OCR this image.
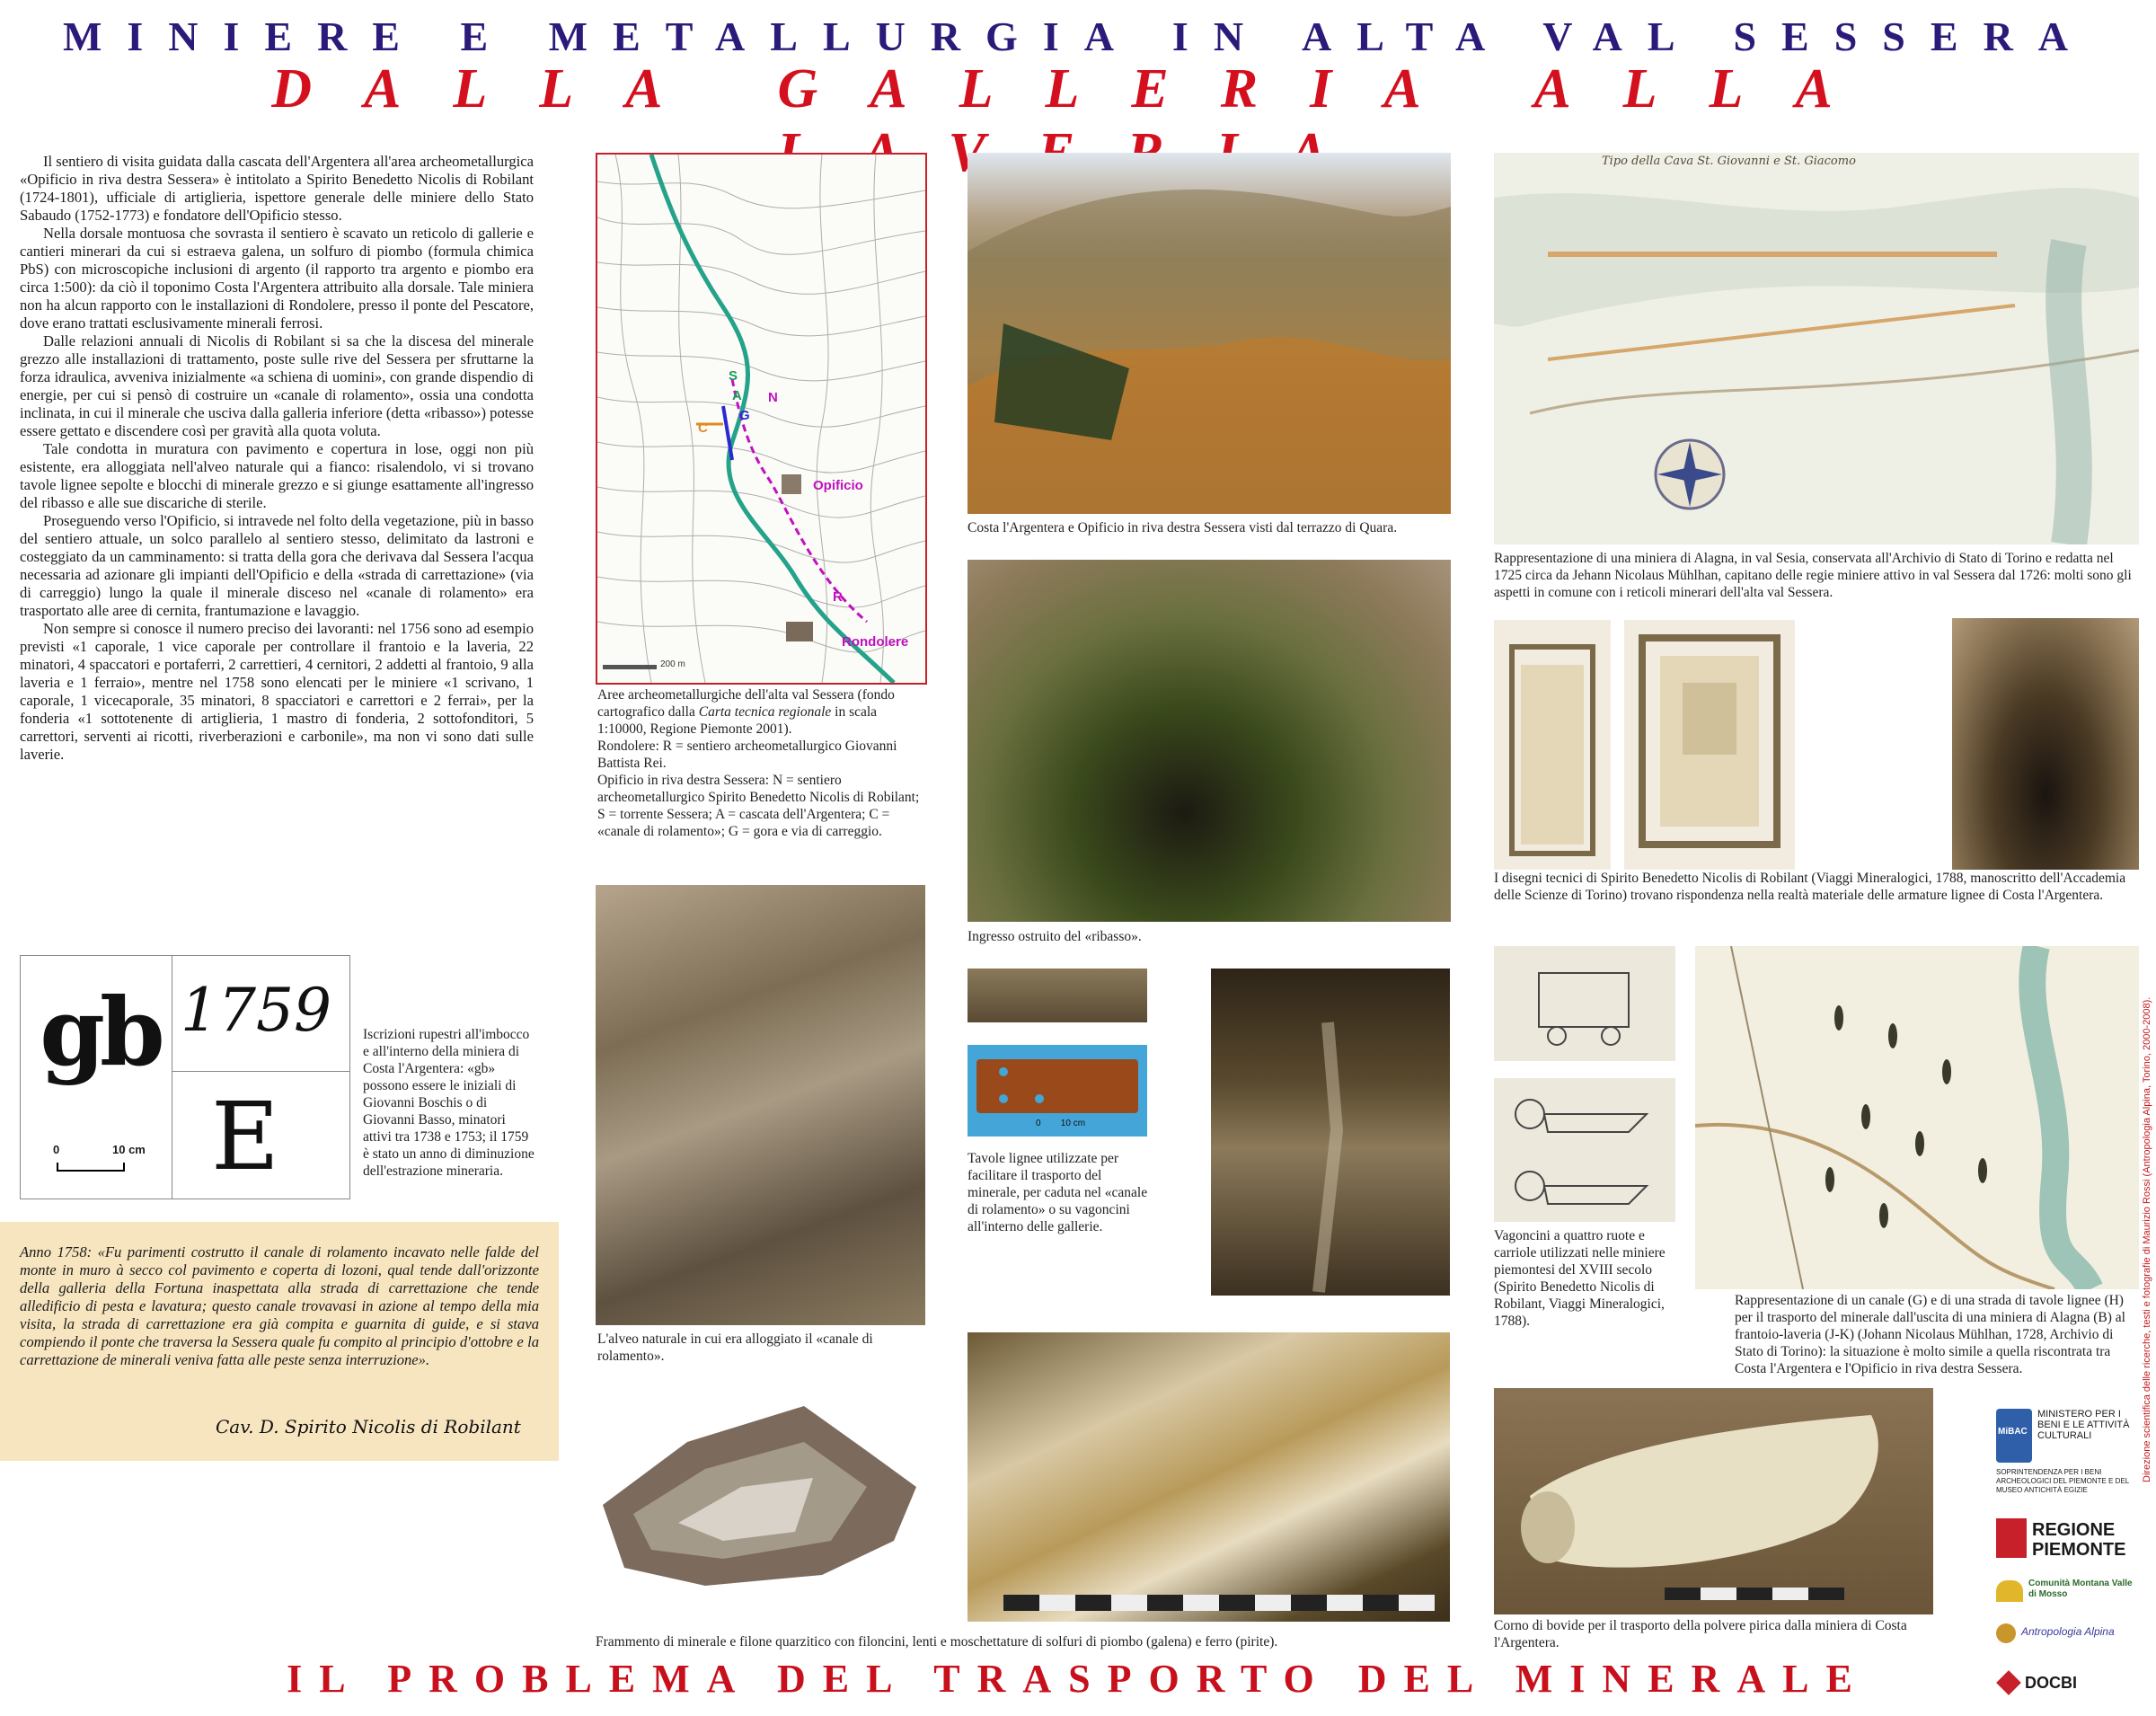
MINIERE E METALLURGIA IN ALTA VAL SESSERA
DALLA GALLERIA ALLA

Il sentiero di visita guidata dalla cascata dell'Argentera all'area archeometallurgica «Opificio in riva destra Sessera» è intitolato a Spirito Benedetto Nicolis di Robilant (1724-1801), ufficiale di artiglieria, ispettore generale delle miniere dello Stato Sabaudo (1752-1773) e fondatore dell'Opificio stesso.

Nella dorsale montuosa che sovrasta il sentiero è scavato un reticolo di gallerie e cantieri minerari da cui si estraeva galena, un solfuro di piombo (formula chimica PbS) con microscopiche inclusioni di argento (il rapporto tra argento e piombo era circa 1:500): da ciò il toponimo Costa l'Argentera attribuito alla dorsale. Tale miniera non ha alcun rapporto con le installazioni di Rondolere, presso il ponte del Pescatore, dove erano trattati esclusivamente minerali ferrosi.

Dalle relazioni annuali di Nicolis di Robilant si sa che la discesa del minerale grezzo alle installazioni di trattamento, poste sulle rive del Sessera per sfruttarne la forza idraulica, avveniva inizialmente «a schiena di uomini», con grande dispendio di energie, per cui si pensò di costruire un «canale di rolamento», ossia una condotta inclinata, in cui il minerale che usciva dalla galleria inferiore (detta «ribasso») potesse essere gettato e discendere così per gravità alla quota voluta.

Tale condotta in muratura con pavimento e copertura in lose, oggi non più esistente, era alloggiata nell'alveo naturale qui a fianco: risalendolo, vi si trovano tavole lignee sepolte e blocchi di minerale grezzo e si giunge esattamente all'ingresso del ribasso e alle sue discariche di sterile.

Proseguendo verso l'Opificio, si intravede nel folto della vegetazione, più in basso del sentiero attuale, un solco parallelo al sentiero stesso, delimitato da lastroni e costeggiato da un camminamento: si tratta della gora che derivava dal Sessera l'acqua necessaria ad azionare gli impianti dell'Opificio e della «strada di carrettazione» (via di carreggio) lungo la quale il minerale disceso nel «canale di rolamento» era trasportato alle aree di cernita, frantumazione e lavaggio.

Non sempre si conosce il numero preciso dei lavoranti: nel 1756 sono ad esempio previsti «1 caporale, 1 vice caporale per controllare il frantoio e la laveria, 22 minatori, 4 spaccatori e portaferri, 2 carrettieri, 4 cernitori, 2 addetti al frantoio, 9 alla laveria e 1 ferraio», mentre nel 1758 sono elencati per le miniere «1 scrivano, 1 caporale, 1 vicecaporale, 35 minatori, 8 spacciatori e carrettori e 2 ferrai», per la fonderia «1 sottotenente di artiglieria, 1 mastro di fonderia, 2 sottofonditori, 5 carrettori, serventi ai ricotti, riverberazioni e carbonile», ma non vi sono dati sulle laverie.

gb 1759
E
0	10 cm
Iscrizioni rupestri all'imbocco e all'interno della miniera di Costa l'Argentera: «gb» possono essere le iniziali di Giovanni Boschis o di Giovanni Basso, minatori attivi tra 1738 e 1753; il 1759 è stato un anno di diminuzione dell'estrazione mineraria.
Anno 1758: «Fu parimenti costrutto il canale di rolamento incavato nelle falde del monte in muro à secco col pavimento e coperta di lozoni, qual tende dall'orizzonte della galleria della Fortuna inaspettata alla strada di carrettazione che tende alledificio di pesta e lavatura; questo canale trovavasi in azione al tempo della mia visita, la strada di carrettazione era già compita e guarnita di guide, e si stava compiendo il ponte che traversa la Sessera quale fu compito al principio d'ottobre e la carrettazione de minerali veniva fatta alle peste senza interruzione».
Cav. D. Spirito Nicolis di Robilant
S
A N
G
C
Opificio
R
Rondolere
200 m
Aree archeometallurgiche dell'alta val Sessera (fondo cartografico dalla Carta tecnica regionale in scala 1:10000, Regione Piemonte 2001).
Rondolere: R = sentiero archeometallurgico Giovanni Battista Rei.
Opificio in riva destra Sessera: N = sentiero archeometallurgico Spirito Benedetto Nicolis di Robilant; S = torrente Sessera; A = cascata dell'Argentera; C = «canale di rolamento»; G = gora e via di carreggio.
L'alveo naturale in cui era alloggiato il «canale di rolamento».
Costa l'Argentera e Opificio in riva destra Sessera visti dal terrazzo di Quara.
Ingresso ostruito del «ribasso».
0        10 cm
Tavole lignee utilizzate per facilitare il trasporto del minerale, per caduta nel «canale di rolamento» o su vagoncini all'interno delle gallerie.
Frammento di minerale e filone quarzitico con filoncini, lenti e moschettature di solfuri di piombo (galena) e ferro (pirite).
Tipo della Cava St. Giovanni e St. Giacomo
Rappresentazione di una miniera di Alagna, in val Sesia, conservata all'Archivio di Stato di Torino e redatta nel 1725 circa da Jehann Nicolaus Mühlhan, capitano delle regie miniere attivo in val Sessera dal 1726: molti sono gli aspetti in comune con i reticoli minerari dell'alta val Sessera.
I disegni tecnici di Spirito Benedetto Nicolis di Robilant (Viaggi Mineralogici, 1788, manoscritto dell'Accademia delle Scienze di Torino) trovano rispondenza nella realtà materiale delle armature lignee di Costa l'Argentera.
Vagoncini a quattro ruote e carriole utilizzati nelle miniere piemontesi del XVIII secolo (Spirito Benedetto Nicolis di Robilant, Viaggi Mineralogici, 1788).
Rappresentazione di un canale (G) e di una strada di tavole lignee (H) per il trasporto del minerale dall'uscita di una miniera di Alagna (B) al frantoio-laveria (J-K) (Johann Nicolaus Mühlhan, 1728, Archivio di Stato di Torino): la situazione è molto simile a quella riscontrata tra Costa l'Argentera e l'Opificio in riva destra Sessera.
Corno di bovide per il trasporto della polvere pirica dalla miniera di Costa l'Argentera.
MiBAC
MINISTERO PER I BENI E LE ATTIVITÀ CULTURALI
SOPRINTENDENZA PER I BENI ARCHEOLOGICI DEL PIEMONTE E DEL MUSEO ANTICHITÀ EGIZIE
REGIONE PIEMONTE
Comunità Montana Valle di Mosso
Antropologia Alpina
DOCBI
Direzione scientifica delle ricerche, testi e fotografie di Maurizio Rossi (Antropologia Alpina, Torino, 2000-2008).
IL PROBLEMA DEL TRASPORTO DEL MINERALE
